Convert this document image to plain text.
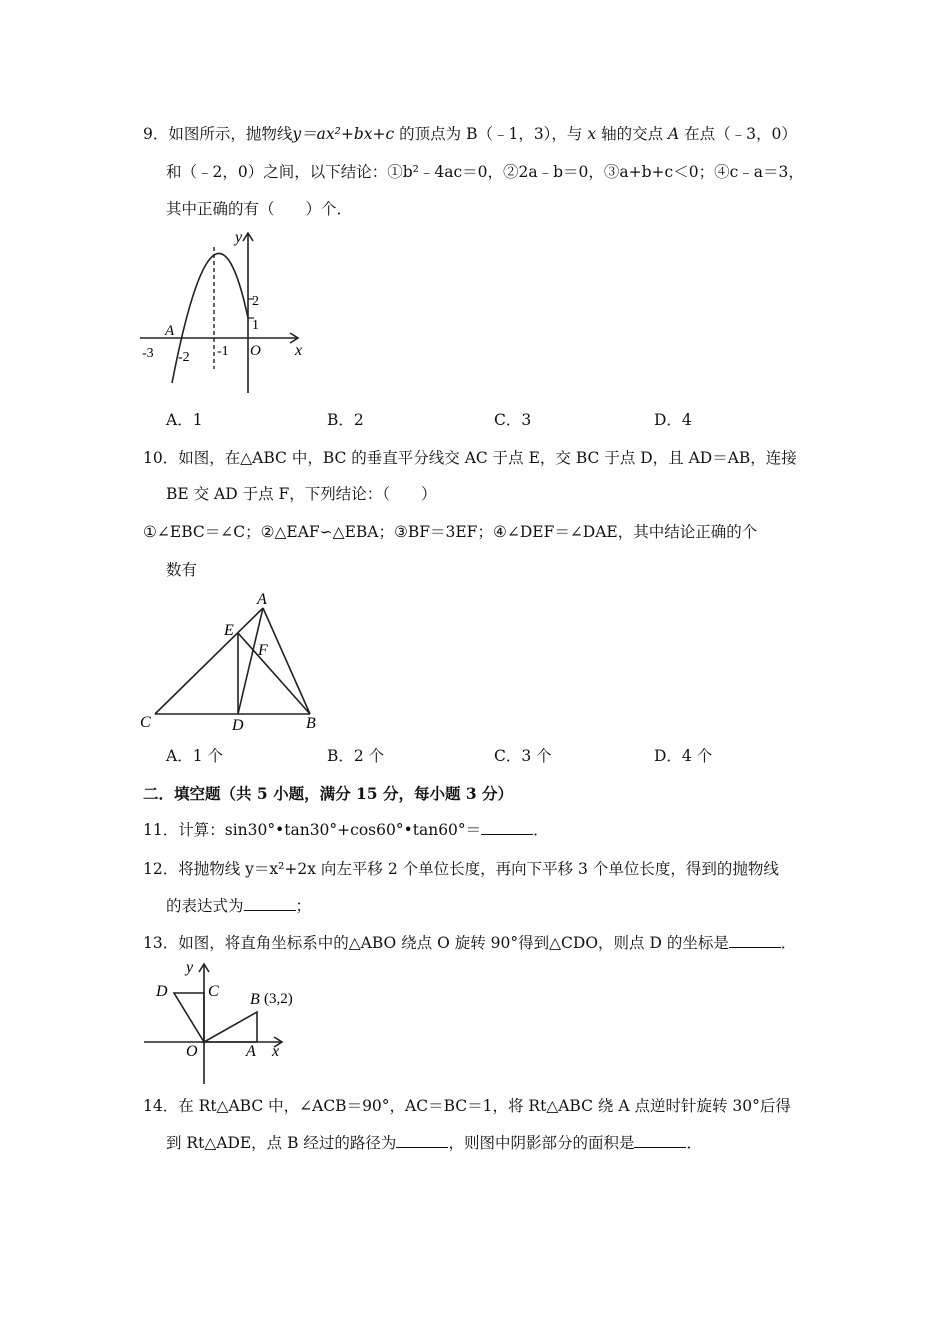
9．如图所示，抛物线y＝ax²+bx+c 的顶点为 B（﹣1，3），与 x 轴的交点 A 在点（﹣3，0）
和（﹣2，0）之间，以下结论：①b²﹣4ac＝0，②2a﹣b＝0，③a+b+c＜0；④c﹣a＝3，
其中正确的有（　　）个．
y
x
O
A
-3 -2 -1
2
1
A．1	B．2	C．3	D．4
10．如图，在△ABC 中，BC 的垂直平分线交 AC 于点 E，交 BC 于点 D，且 AD＝AB，连接
BE 交 AD 于点 F，下列结论：（　　）
①∠EBC＝∠C；②△EAF∽△EBA；③BF＝3EF；④∠DEF＝∠DAE，其中结论正确的个
数有
A
E
F
C	D	B
A．1 个	B．2 个	C．3 个	D．4 个
二．填空题（共 5 小题，满分 15 分，每小题 3 分）
11．计算：sin30°•tan30°+cos60°•tan60°＝	．
12．将抛物线 y＝x²+2x 向左平移 2 个单位长度，再向下平移 3 个单位长度，得到的抛物线
的表达式为	；
13．如图，将直角坐标系中的△ABO 绕点 O 旋转 90°得到△CDO，则点 D 的坐标是	．
y
D	C B (3,2)
O	A x
14．在 Rt△ABC 中，∠ACB＝90°，AC＝BC＝1，将 Rt△ABC 绕 A 点逆时针旋转 30°后得
到 Rt△ADE，点 B 经过的路径为	，则图中阴影部分的面积是	．
